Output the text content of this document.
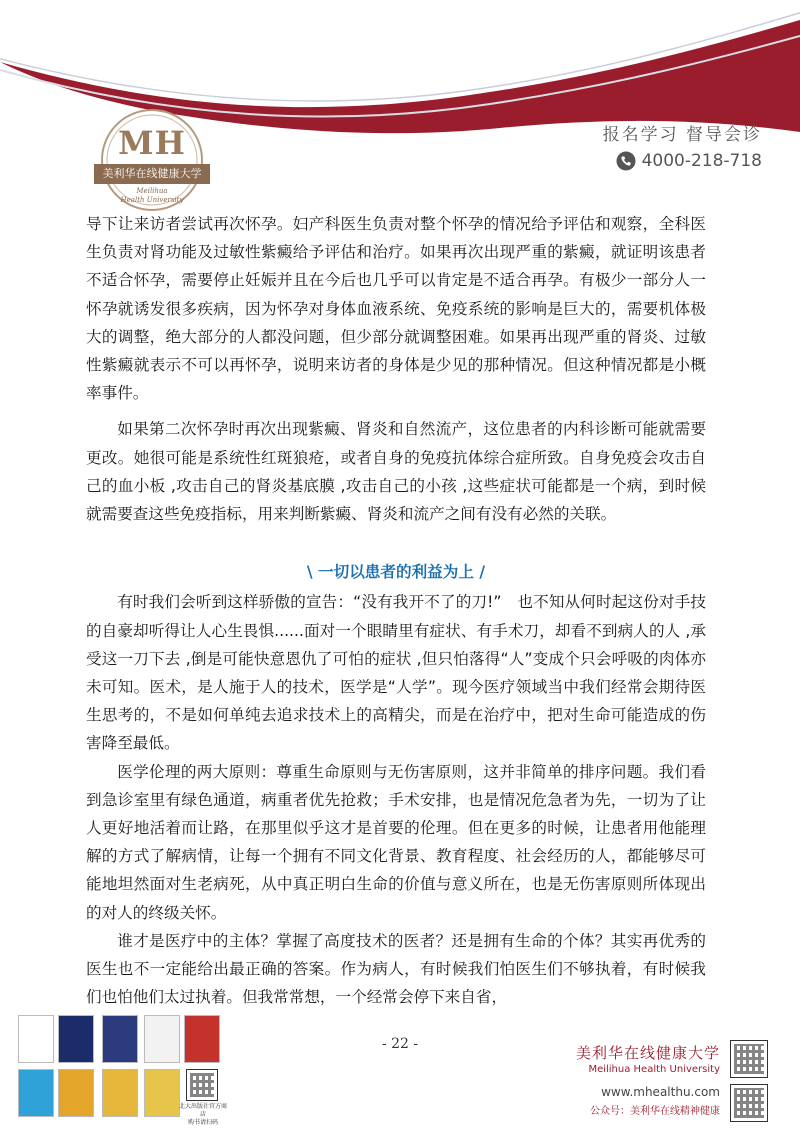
MH
美利华在线健康大学
Meilihua
Health University
报名学习 督导会诊
4000-218-718

导下让来访者尝试再次怀孕。妇产科医生负责对整个怀孕的情况给予评估和观察，全科医生负责对肾功能及过敏性紫癜给予评估和治疗。如果再次出现严重的紫癜，就证明该患者不适合怀孕，需要停止妊娠并且在今后也几乎可以肯定是不适合再孕。有极少一部分人一怀孕就诱发很多疾病，因为怀孕对身体血液系统、免疫系统的影响是巨大的，需要机体极大的调整，绝大部分的人都没问题，但少部分就调整困难。如果再出现严重的肾炎、过敏性紫癜就表示不可以再怀孕，说明来访者的身体是少见的那种情况。但这种情况都是小概率事件。

如果第二次怀孕时再次出现紫癜、肾炎和自然流产，这位患者的内科诊断可能就需要更改。她很可能是系统性红斑狼疮，或者自身的免疫抗体综合症所致。自身免疫会攻击自己的血小板 ,攻击自己的肾炎基底膜 ,攻击自己的小孩 ,这些症状可能都是一个病，到时候就需要查这些免疫指标，用来判断紫癜、肾炎和流产之间有没有必然的关联。

\ 一切以患者的利益为上 /

有时我们会听到这样骄傲的宣告：“没有我开不了的刀!”　也不知从何时起这份对手技的自豪却听得让人心生畏惧......面对一个眼睛里有症状、有手术刀，却看不到病人的人 ,承受这一刀下去 ,倒是可能快意恩仇了可怕的症状 ,但只怕落得“人”变成个只会呼吸的肉体亦未可知。医术，是人施于人的技术，医学是“人学”。现今医疗领域当中我们经常会期待医生思考的，不是如何单纯去追求技术上的高精尖，而是在治疗中，把对生命可能造成的伤害降至最低。

医学伦理的两大原则：尊重生命原则与无伤害原则，这并非简单的排序问题。我们看到急诊室里有绿色通道，病重者优先抢救；手术安排，也是情况危急者为先，一切为了让人更好地活着而让路，在那里似乎这才是首要的伦理。但在更多的时候，让患者用他能理解的方式了解病情，让每一个拥有不同文化背景、教育程度、社会经历的人，都能够尽可能地坦然面对生老病死，从中真正明白生命的价值与意义所在，也是无伤害原则所体现出的对人的终级关怀。

谁才是医疗中的主体？掌握了高度技术的医者？还是拥有生命的个体？其实再优秀的医生也不一定能给出最正确的答案。作为病人，有时候我们怕医生们不够执着，有时候我们也怕他们太过执着。但我常常想，一个经常会停下来自省，

- 22 -
北大出版社官方商店
购书请扫码
美利华在线健康大学
Meilihua Health University
www.mhealthu.com
公众号：美利华在线精神健康
